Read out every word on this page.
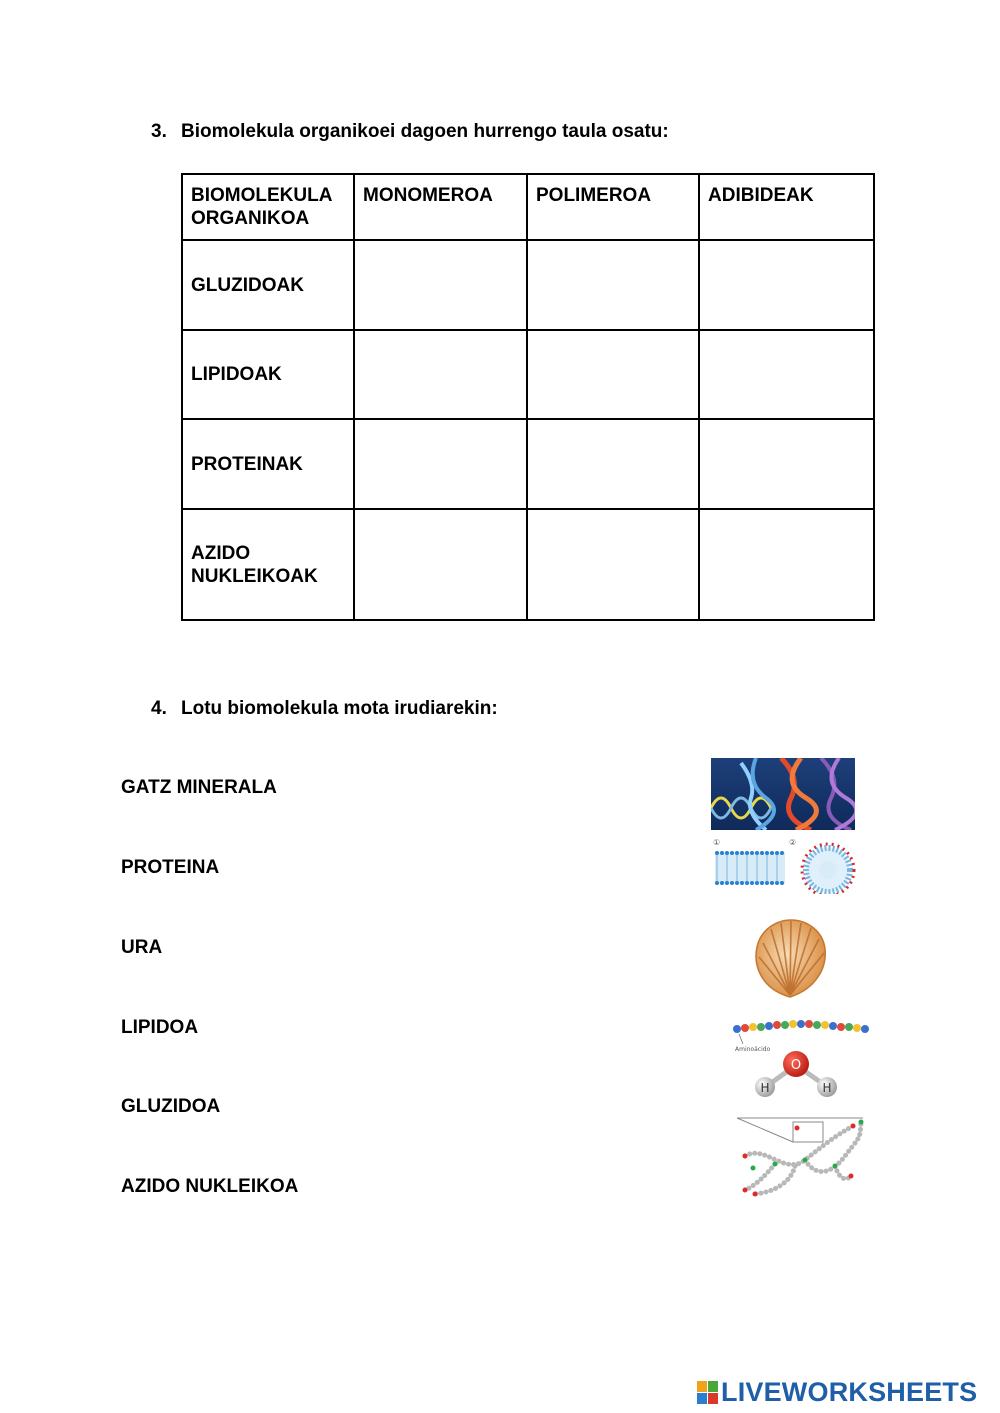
3. Biomolekula organikoei dagoen hurrengo taula osatu:
BIOMOLEKULA
ORGANIKOA	MONOMEROA	POLIMEROA	ADIBIDEAK
GLUZIDOAK			
LIPIDOAK			
PROTEINAK			
AZIDO
NUKLEIKOAK			
4. Lotu biomolekula mota irudiarekin:
GATZ MINERALA
PROTEINA
URA
LIPIDOA
GLUZIDOA
AZIDO NUKLEIKOA
①	②
Aminoácido
O
H	H
LIVEWORKSHEETS
